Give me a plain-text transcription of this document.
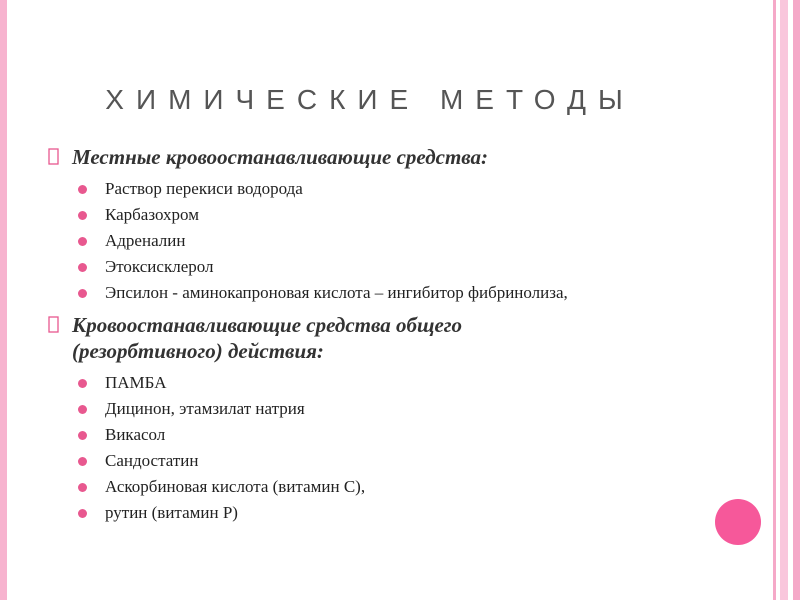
ХИМИЧЕСКИЕ МЕТОДЫ
Местные кровоостанавливающие средства:
Раствор перекиси водорода
Карбазохром
Адреналин
Этоксисклерол
Эпсилон - аминокапроновая кислота – ингибитор фибринолиза,
Кровоостанавливающие средства общего
(резорбтивного) действия:
ПАМБА
Дицинон, этамзилат натрия
Викасол
Сандостатин
Аскорбиновая кислота (витамин С),
рутин (витамин Р)
